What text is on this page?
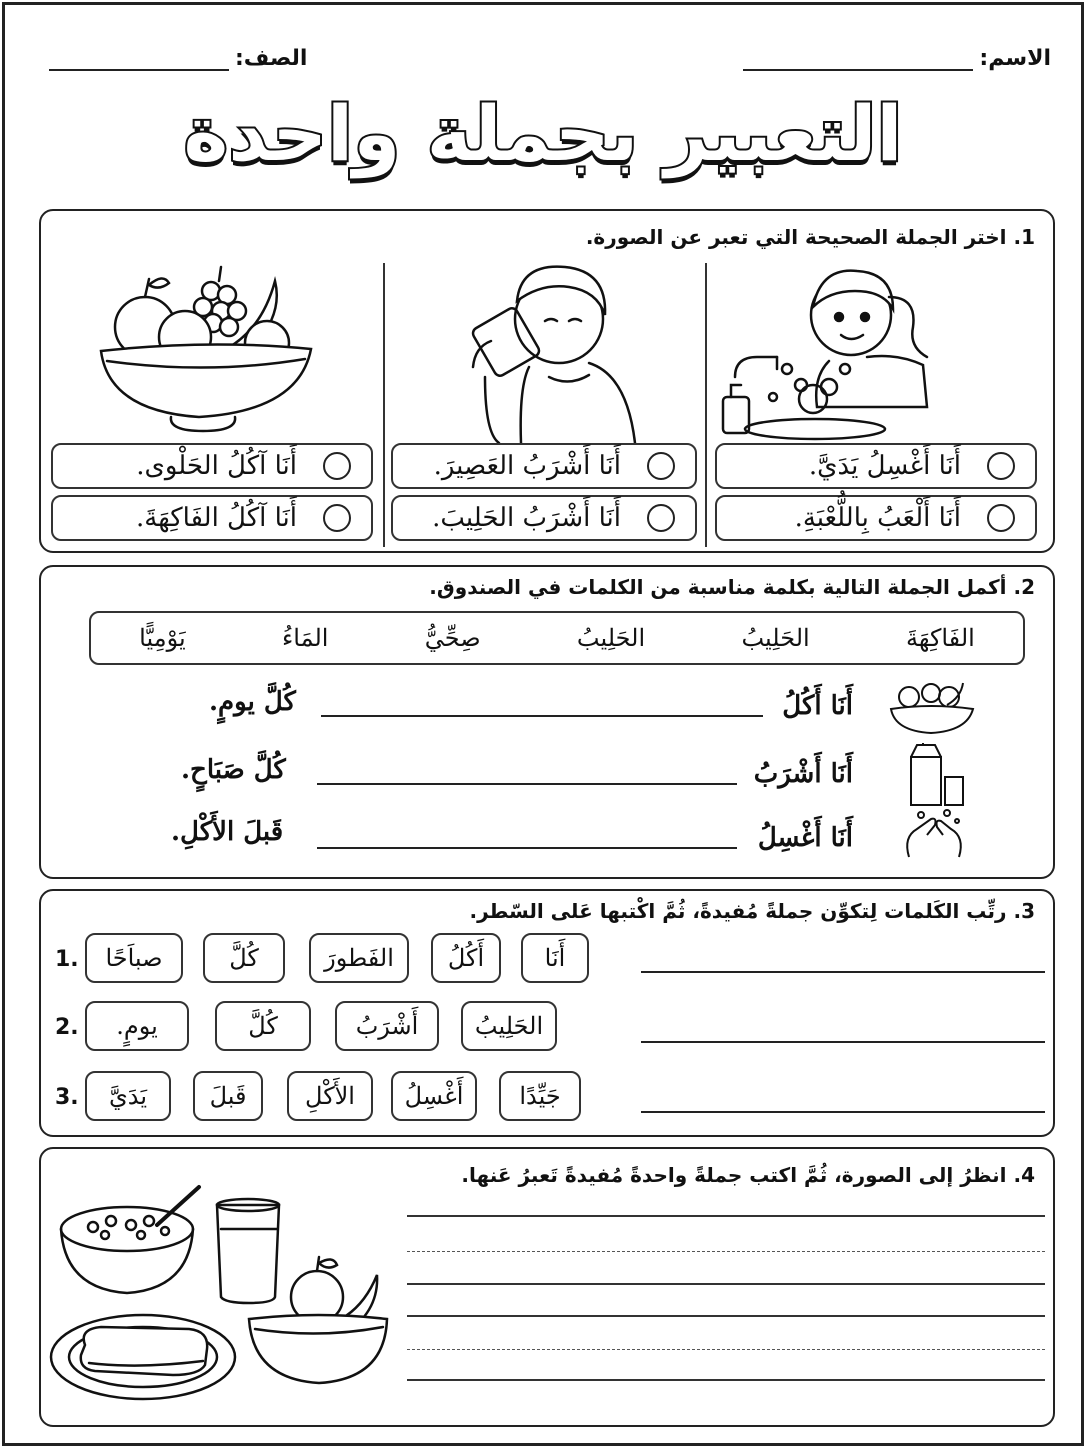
الاسم:
الصف:
التعبير بجملة واحدة
1. اختر الجملة الصحيحة التي تعبر عن الصورة.
أَنَا أَغْسِلُ يَدَيَّ.
أَنَا أَلْعَبُ بِاللُّعْبَةِ.
أَنَا أَشْرَبُ العَصِيرَ.
أَنَا أَشْرَبُ الحَلِيبَ.
أَنَا آكُلُ الحَلْوى.
أَنَا آكُلُ الفَاكِهَةَ.
2. أكمل الجملة التالية بكلمة مناسبة من الكلمات في الصندوق.
الفَاكِهَةَ
الحَلِيبُ
الحَلِيبُ
صِحِّيُّ
المَاءُ
يَوْمِيًّا
أَنَا أَكُلُ
كُلَّ يومٍ.
أَنَا أَشْرَبُ
كُلَّ صَبَاحٍ.
أَنَا أَغْسِلُ
قَبلَ الأَكْلِ.
3. رتِّب الكَلمات لِتكوِّن جملةً مُفيدةً، ثُمَّ اكْتبها عَلى السّطر.
1.	أَنَا
أَكُلُ
الفَطورَ
كُلَّ
صباَحًا
2.	الحَلِيبُ
أَشْرَبُ
كُلَّ
يومٍ.
3.	جَيِّدًا
أَغْسِلُ
الأَكْلِ
قَبلَ
يَدَيَّ
4. انظرُ إلى الصورة، ثُمَّ اكتب جملةً واحدةً مُفيدةً تَعبرُ عَنها.
